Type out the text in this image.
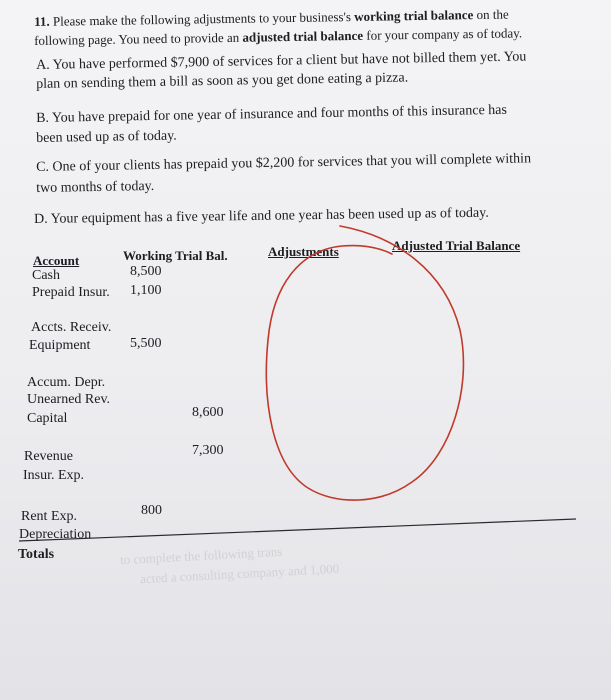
11. Please make the following adjustments to your business's working trial balance on the
following page. You need to provide an adjusted trial balance for your company as of today.
A. You have performed $7,900 of services for a client but have not billed them yet. You
plan on sending them a bill as soon as you get done eating a pizza.
B. You have prepaid for one year of insurance and four months of this insurance has
been used up as of today.
C. One of your clients has prepaid you $2,200 for services that you will complete within
two months of today.
D. Your equipment has a five year life and one year has been used up as of today.
Account	Working Trial Bal.	Adjustments	Adjusted Trial Balance
Cash	8,500
Prepaid Insur. 1,100
Accts. Receiv.
Equipment	5,500
Accum. Depr.
Unearned Rev.
Capital	8,600
Revenue	7,300
Insur. Exp.
Rent Exp.	800
Depreciation
Totals	to complete the following trans
acted a consulting company and 1,000
